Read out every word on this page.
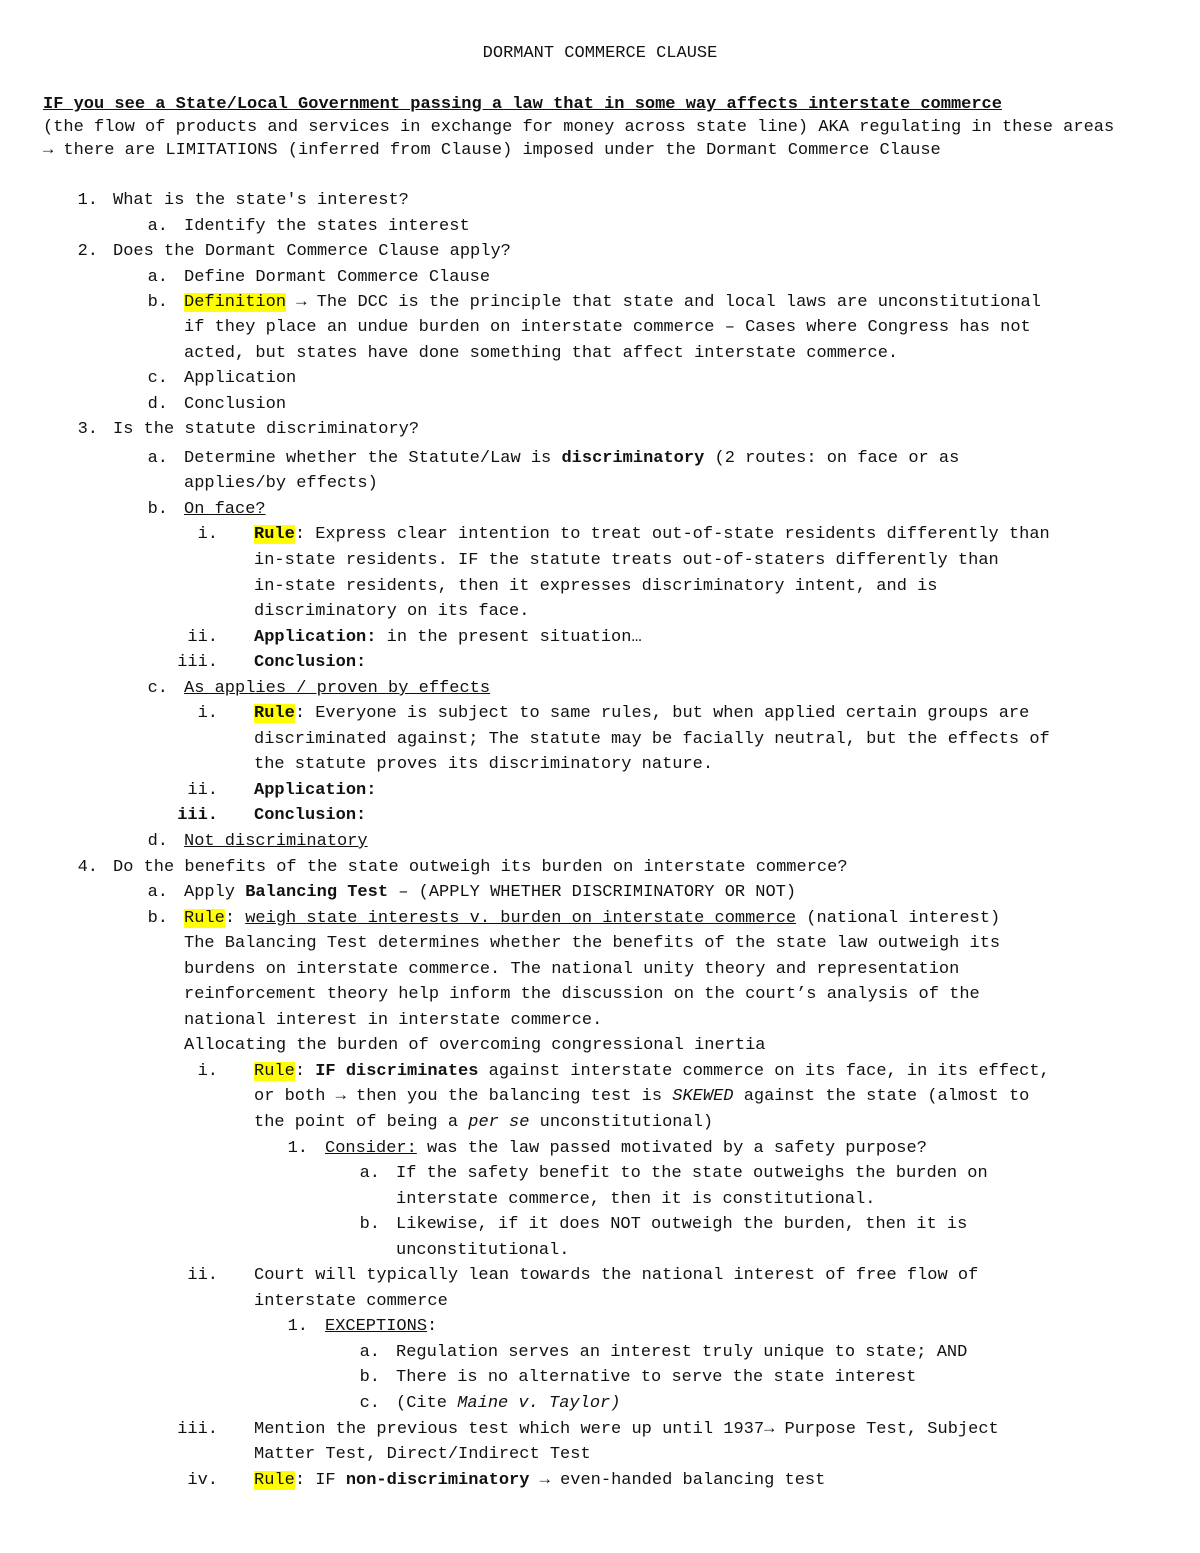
DORMANT COMMERCE CLAUSE
IF you see a State/Local Government passing a law that in some way affects interstate commerce
(the flow of products and services in exchange for money across state line) AKA regulating in these areas
→ there are LIMITATIONS (inferred from Clause) imposed under the Dormant Commerce Clause
1. What is the state's interest?
a. Identify the states interest
2. Does the Dormant Commerce Clause apply?
a. Define Dormant Commerce Clause
b. Definition → The DCC is the principle that state and local laws are unconstitutional
if they place an undue burden on interstate commerce – Cases where Congress has not
acted, but states have done something that affect interstate commerce.
c. Application
d. Conclusion
3. Is the statute discriminatory?
a. Determine whether the Statute/Law is discriminatory (2 routes: on face or as
applies/by effects)
b. On face?
i. Rule: Express clear intention to treat out-of-state residents differently than
in-state residents. IF the statute treats out-of-staters differently than
in-state residents, then it expresses discriminatory intent, and is
discriminatory on its face.
ii. Application: in the present situation…
iii. Conclusion:
c. As applies / proven by effects
i. Rule: Everyone is subject to same rules, but when applied certain groups are
discriminated against; The statute may be facially neutral, but the effects of
the statute proves its discriminatory nature.
ii. Application:
iii. Conclusion:
d. Not discriminatory
4. Do the benefits of the state outweigh its burden on interstate commerce?
a. Apply Balancing Test – (APPLY WHETHER DISCRIMINATORY OR NOT)
b. Rule: weigh state interests v. burden on interstate commerce (national interest)
The Balancing Test determines whether the benefits of the state law outweigh its
burdens on interstate commerce. The national unity theory and representation
reinforcement theory help inform the discussion on the court’s analysis of the
national interest in interstate commerce.
Allocating the burden of overcoming congressional inertia
i. Rule: IF discriminates against interstate commerce on its face, in its effect,
or both → then you the balancing test is SKEWED against the state (almost to
the point of being a per se unconstitutional)
1. Consider: was the law passed motivated by a safety purpose?
a. If the safety benefit to the state outweighs the burden on
interstate commerce, then it is constitutional.
b. Likewise, if it does NOT outweigh the burden, then it is
unconstitutional.
ii. Court will typically lean towards the national interest of free flow of
interstate commerce
1. EXCEPTIONS:
a. Regulation serves an interest truly unique to state; AND
b. There is no alternative to serve the state interest
c. (Cite Maine v. Taylor)
iii. Mention the previous test which were up until 1937→ Purpose Test, Subject
Matter Test, Direct/Indirect Test
iv. Rule: IF non-discriminatory → even-handed balancing test
